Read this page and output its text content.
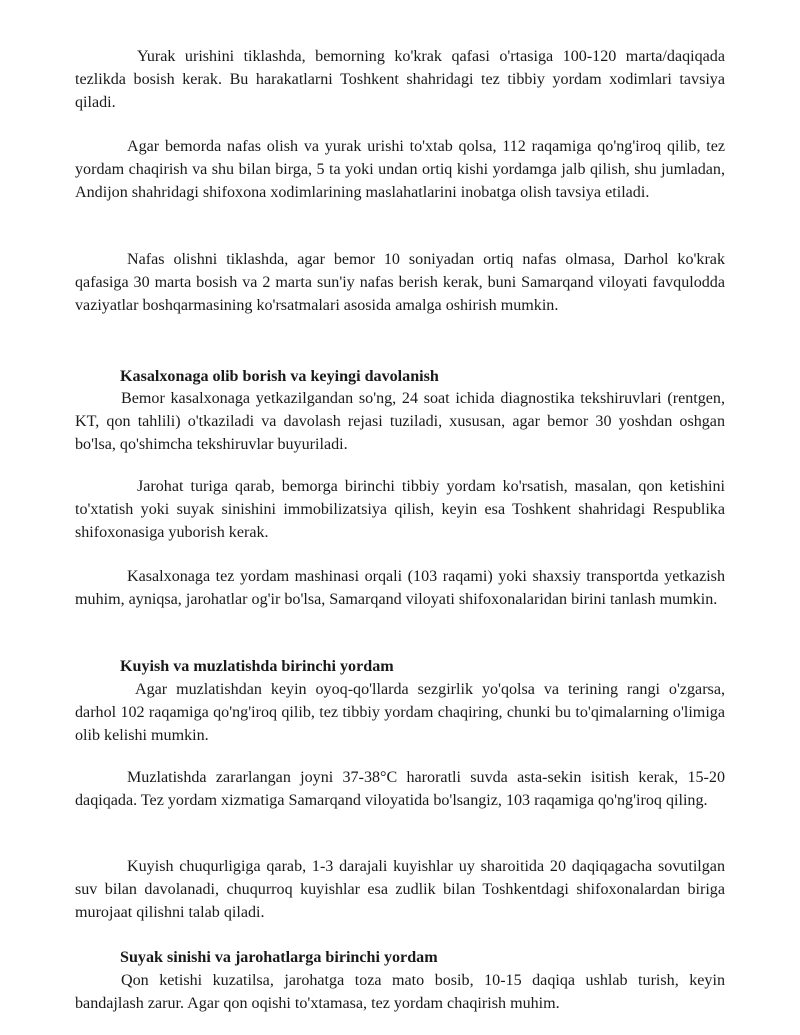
Yurak urishini tiklashda, bemorning ko'krak qafasi o'rtasiga 100-120 marta/daqiqada tezlikda bosish kerak. Bu harakatlarni Toshkent shahridagi tez tibbiy yordam xodimlari tavsiya qiladi.

Agar bemorda nafas olish va yurak urishi to'xtab qolsa, 112 raqamiga qo'ng'iroq qilib, tez yordam chaqirish va shu bilan birga, 5 ta yoki undan ortiq kishi yordamga jalb qilish, shu jumladan, Andijon shahridagi shifoxona xodimlarining maslahatlarini inobatga olish tavsiya etiladi.

Nafas olishni tiklashda, agar bemor 10 soniyadan ortiq nafas olmasa, Darhol ko'krak qafasiga 30 marta bosish va 2 marta sun'iy nafas berish kerak, buni Samarqand viloyati favqulodda vaziyatlar boshqarmasining ko'rsatmalari asosida amalga oshirish mumkin.

Kasalxonaga olib borish va keyingi davolanish

Bemor kasalxonaga yetkazilgandan so'ng, 24 soat ichida diagnostika tekshiruvlari (rentgen, KT, qon tahlili) o'tkaziladi va davolash rejasi tuziladi, xususan, agar bemor 30 yoshdan oshgan bo'lsa, qo'shimcha tekshiruvlar buyuriladi.

Jarohat turiga qarab, bemorga birinchi tibbiy yordam ko'rsatish, masalan, qon ketishini to'xtatish yoki suyak sinishini immobilizatsiya qilish, keyin esa Toshkent shahridagi Respublika shifoxonasiga yuborish kerak.

Kasalxonaga tez yordam mashinasi orqali (103 raqami) yoki shaxsiy transportda yetkazish muhim, ayniqsa, jarohatlar og'ir bo'lsa, Samarqand viloyati shifoxonalaridan birini tanlash mumkin.

Kuyish va muzlatishda birinchi yordam

Agar muzlatishdan keyin oyoq-qo'llarda sezgirlik yo'qolsa va terining rangi o'zgarsa, darhol 102 raqamiga qo'ng'iroq qilib, tez tibbiy yordam chaqiring, chunki bu to'qimalarning o'limiga olib kelishi mumkin.

Muzlatishda zararlangan joyni 37-38°C haroratli suvda asta-sekin isitish kerak, 15-20 daqiqada. Tez yordam xizmatiga Samarqand viloyatida bo'lsangiz, 103 raqamiga qo'ng'iroq qiling.

Kuyish chuqurligiga qarab, 1-3 darajali kuyishlar uy sharoitida 20 daqiqagacha sovutilgan suv bilan davolanadi, chuqurroq kuyishlar esa zudlik bilan Toshkentdagi shifoxonalardan biriga murojaat qilishni talab qiladi.

Suyak sinishi va jarohatlarga birinchi yordam

Qon ketishi kuzatilsa, jarohatga toza mato bosib, 10-15 daqiqa ushlab turish, keyin bandajlash zarur. Agar qon oqishi to'xtamasa, tez yordam chaqirish muhim.
